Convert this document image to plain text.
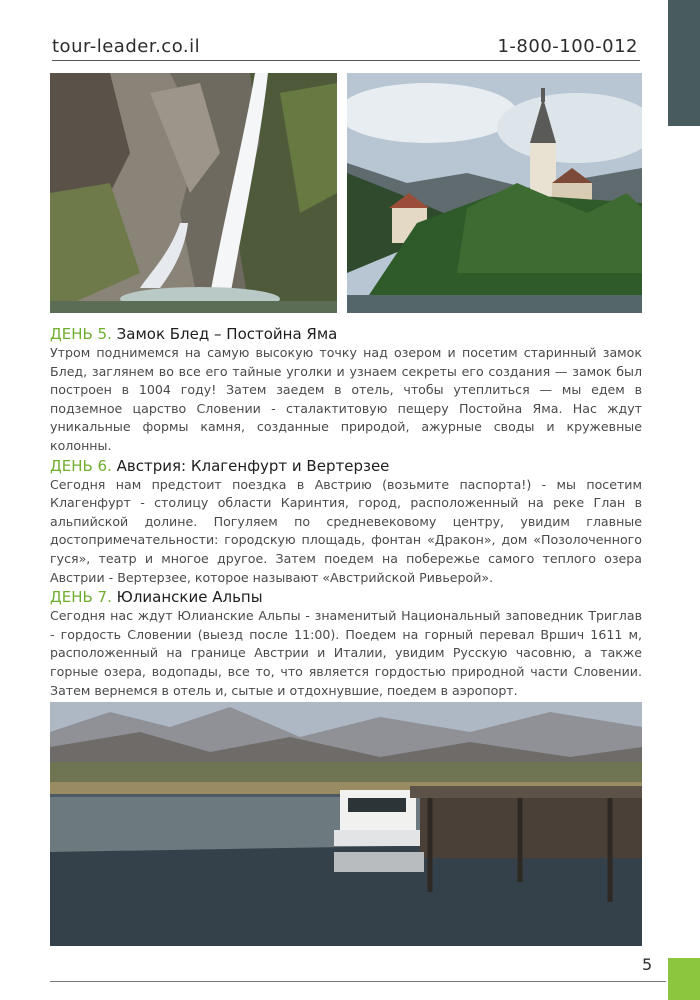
tour-leader.co.il	1-800-100-012

ДЕНЬ 5. Замок Блед – Постойна Яма

Утром поднимемся на самую высокую точку над озером и посетим старинный замок Блед, заглянем во все его тайные уголки и узнаем секреты его создания — замок был построен в 1004 году! Затем заедем в отель, чтобы утеплиться — мы едем в подземное царство Словении - сталактитовую пещеру Постойна Яма. Нас ждут уникальные формы камня, созданные природой, ажурные своды и кружевные колонны.

ДЕНЬ 6. Австрия: Клагенфурт и Вертерзее

Сегодня нам предстоит поездка в Австрию (возьмите паспорта!) - мы посетим Клагенфурт - столицу области Каринтия, город, расположенный на реке Глан в альпийской долине. Погуляем по средневековому центру, увидим главные достопримечательности: городскую площадь, фонтан «Дракон», дом «Позолоченного гуся», театр и многое другое. Затем поедем на побережье самого теплого озера Австрии - Вертерзее, которое называют «Австрийской Ривьерой».

ДЕНЬ 7. Юлианские Альпы

Сегодня нас ждут Юлианские Альпы - знаменитый Национальный заповедник Триглав - гордость Словении (выезд после 11:00). Поедем на горный перевал Вршич 1611 м, расположенный на границе Австрии и Италии, увидим Русскую часовню, а также горные озера, водопады, все то, что является гордостью природной части Словении. Затем вернемся в отель и, сытые и отдохнувшие, поедем в аэропорт.

5
